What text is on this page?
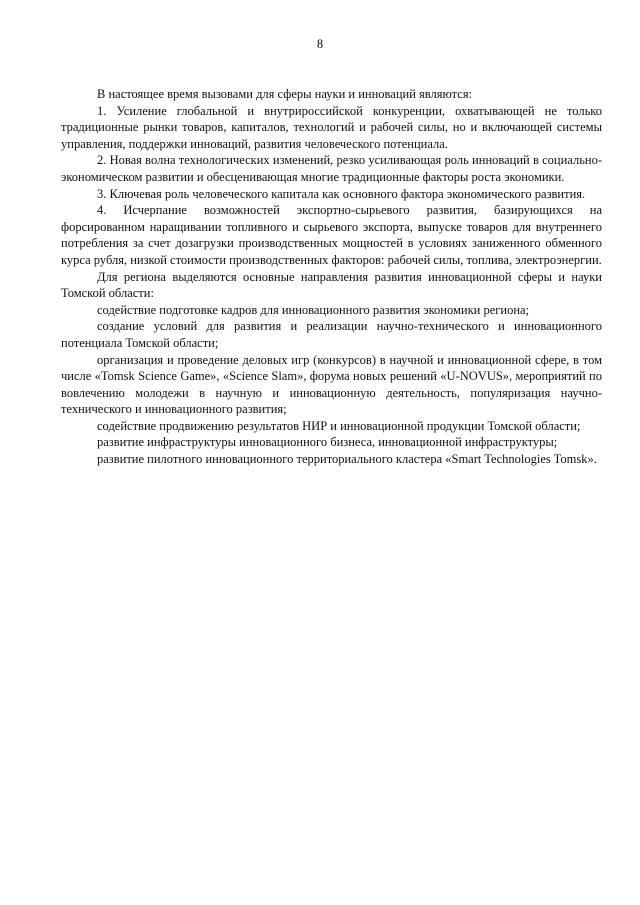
8

В настоящее время вызовами для сферы науки и инноваций являются:

1. Усиление глобальной и внутрироссийской конкуренции, охватывающей не только традиционные рынки товаров, капиталов, технологий и рабочей силы, но и включающей системы управления, поддержки инноваций, развития человеческого потенциала.

2. Новая волна технологических изменений, резко усиливающая роль инноваций в социально-экономическом развитии и обесценивающая многие традиционные факторы роста экономики.

3. Ключевая роль человеческого капитала как основного фактора экономического развития.

4. Исчерпание возможностей экспортно-сырьевого развития, базирующихся на форсированном наращивании топливного и сырьевого экспорта, выпуске товаров для внутреннего потребления за счет дозагрузки производственных мощностей в условиях заниженного обменного курса рубля, низкой стоимости производственных факторов: рабочей силы, топлива, электроэнергии.

Для региона выделяются основные направления развития инновационной сферы и науки Томской области:

содействие подготовке кадров для инновационного развития экономики региона;

создание условий для развития и реализации научно-технического и инновационного потенциала Томской области;

организация и проведение деловых игр (конкурсов) в научной и инновационной сфере, в том числе «Tomsk Science Game», «Science Slam», форума новых решений «U-NOVUS», мероприятий по вовлечению молодежи в научную и инновационную деятельность, популяризация научно-технического и инновационного развития;

содействие продвижению результатов НИР и инновационной продукции Томской области;

развитие инфраструктуры инновационного бизнеса, инновационной инфраструктуры;

развитие пилотного инновационного территориального кластера «Smart Technologies Tomsk».
